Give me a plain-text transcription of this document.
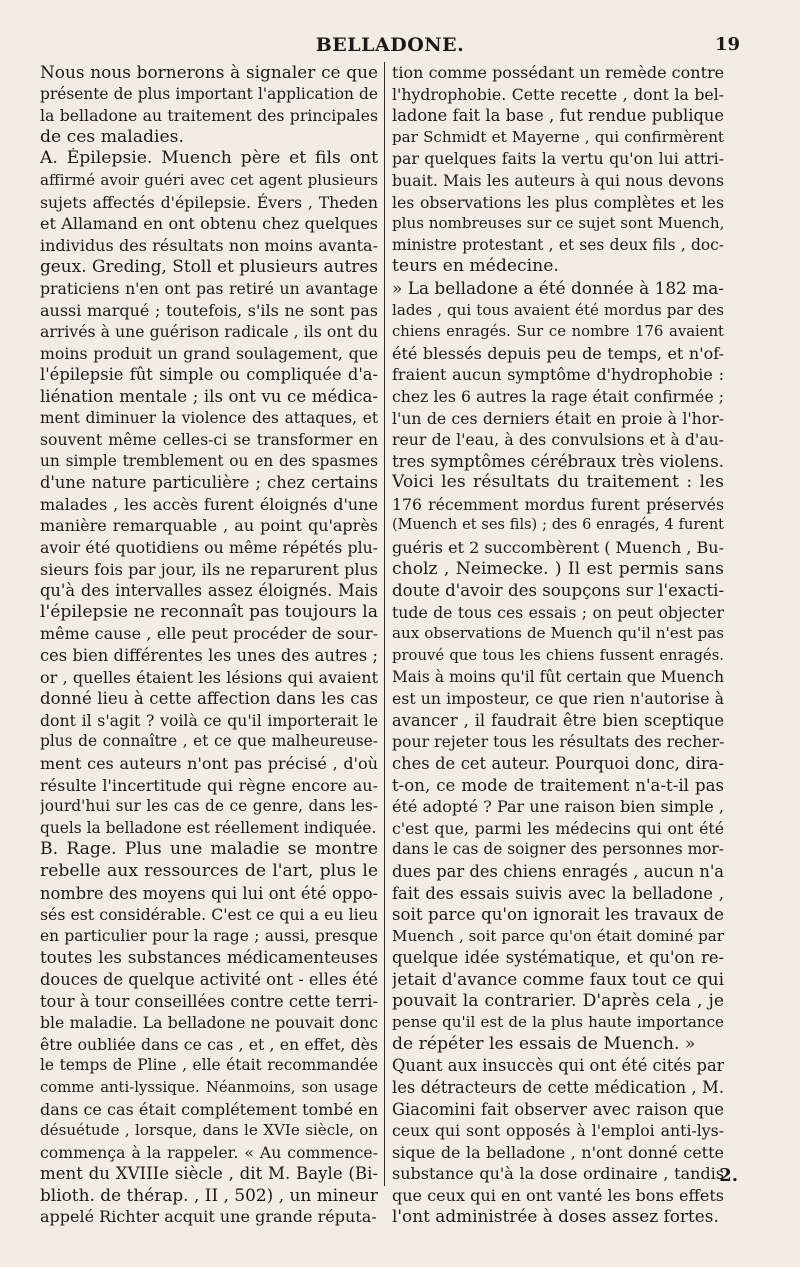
BELLADONE.	19
Nous nous bornerons à signaler ce que
présente de plus important l'application de
la belladone au traitement des principales
de ces maladies.
A. Épilepsie. Muench père et fils ont
affirmé avoir guéri avec cet agent plusieurs
sujets affectés d'épilepsie. Évers , Theden
et Allamand en ont obtenu chez quelques
individus des résultats non moins avanta-
geux. Greding, Stoll et plusieurs autres
praticiens n'en ont pas retiré un avantage
aussi marqué ; toutefois, s'ils ne sont pas
arrivés à une guérison radicale , ils ont du
moins produit un grand soulagement, que
l'épilepsie fût simple ou compliquée d'a-
liénation mentale ; ils ont vu ce médica-
ment diminuer la violence des attaques, et
souvent même celles-ci se transformer en
un simple tremblement ou en des spasmes
d'une nature particulière ; chez certains
malades , les accès furent éloignés d'une
manière remarquable , au point qu'après
avoir été quotidiens ou même répétés plu-
sieurs fois par jour, ils ne reparurent plus
qu'à des intervalles assez éloignés. Mais
l'épilepsie ne reconnaît pas toujours la
même cause , elle peut procéder de sour-
ces bien différentes les unes des autres ;
or , quelles étaient les lésions qui avaient
donné lieu à cette affection dans les cas
dont il s'agit ? voilà ce qu'il importerait le
plus de connaître , et ce que malheureuse-
ment ces auteurs n'ont pas précisé , d'où
résulte l'incertitude qui règne encore au-
jourd'hui sur les cas de ce genre, dans les-
quels la belladone est réellement indiquée.
B. Rage. Plus une maladie se montre
rebelle aux ressources de l'art, plus le
nombre des moyens qui lui ont été oppo-
sés est considérable. C'est ce qui a eu lieu
en particulier pour la rage ; aussi, presque
toutes les substances médicamenteuses
douces de quelque activité ont - elles été
tour à tour conseillées contre cette terri-
ble maladie. La belladone ne pouvait donc
être oubliée dans ce cas , et , en effet, dès
le temps de Pline , elle était recommandée
comme anti-lyssique. Néanmoins, son usage
dans ce cas était complétement tombé en
désuétude , lorsque, dans le XVIe siècle, on
commença à la rappeler. « Au commence-
ment du XVIIIe siècle , dit M. Bayle (Bi-
blioth. de thérap. , II , 502) , un mineur
appelé Richter acquit une grande réputa-
tion comme possédant un remède contre
l'hydrophobie. Cette recette , dont la bel-
ladone fait la base , fut rendue publique
par Schmidt et Mayerne , qui confirmèrent
par quelques faits la vertu qu'on lui attri-
buait. Mais les auteurs à qui nous devons
les observations les plus complètes et les
plus nombreuses sur ce sujet sont Muench,
ministre protestant , et ses deux fils , doc-
teurs en médecine.
» La belladone a été donnée à 182 ma-
lades , qui tous avaient été mordus par des
chiens enragés. Sur ce nombre 176 avaient
été blessés depuis peu de temps, et n'of-
fraient aucun symptôme d'hydrophobie :
chez les 6 autres la rage était confirmée ;
l'un de ces derniers était en proie à l'hor-
reur de l'eau, à des convulsions et à d'au-
tres symptômes cérébraux très violens.
Voici les résultats du traitement : les
176 récemment mordus furent préservés
(Muench et ses fils) ; des 6 enragés, 4 furent
guéris et 2 succombèrent ( Muench , Bu-
cholz , Neimecke. ) Il est permis sans
doute d'avoir des soupçons sur l'exacti-
tude de tous ces essais ; on peut objecter
aux observations de Muench qu'il n'est pas
prouvé que tous les chiens fussent enragés.
Mais à moins qu'il fût certain que Muench
est un imposteur, ce que rien n'autorise à
avancer , il faudrait être bien sceptique
pour rejeter tous les résultats des recher-
ches de cet auteur. Pourquoi donc, dira-
t-on, ce mode de traitement n'a-t-il pas
été adopté ? Par une raison bien simple ,
c'est que, parmi les médecins qui ont été
dans le cas de soigner des personnes mor-
dues par des chiens enragés , aucun n'a
fait des essais suivis avec la belladone ,
soit parce qu'on ignorait les travaux de
Muench , soit parce qu'on était dominé par
quelque idée systématique, et qu'on re-
jetait d'avance comme faux tout ce qui
pouvait la contrarier. D'après cela , je
pense qu'il est de la plus haute importance
de répéter les essais de Muench. »
Quant aux insuccès qui ont été cités par
les détracteurs de cette médication , M.
Giacomini fait observer avec raison que
ceux qui sont opposés à l'emploi anti-lys-
sique de la belladone , n'ont donné cette
substance qu'à la dose ordinaire , tandis
que ceux qui en ont vanté les bons effets
l'ont administrée à doses assez fortes.
2.
